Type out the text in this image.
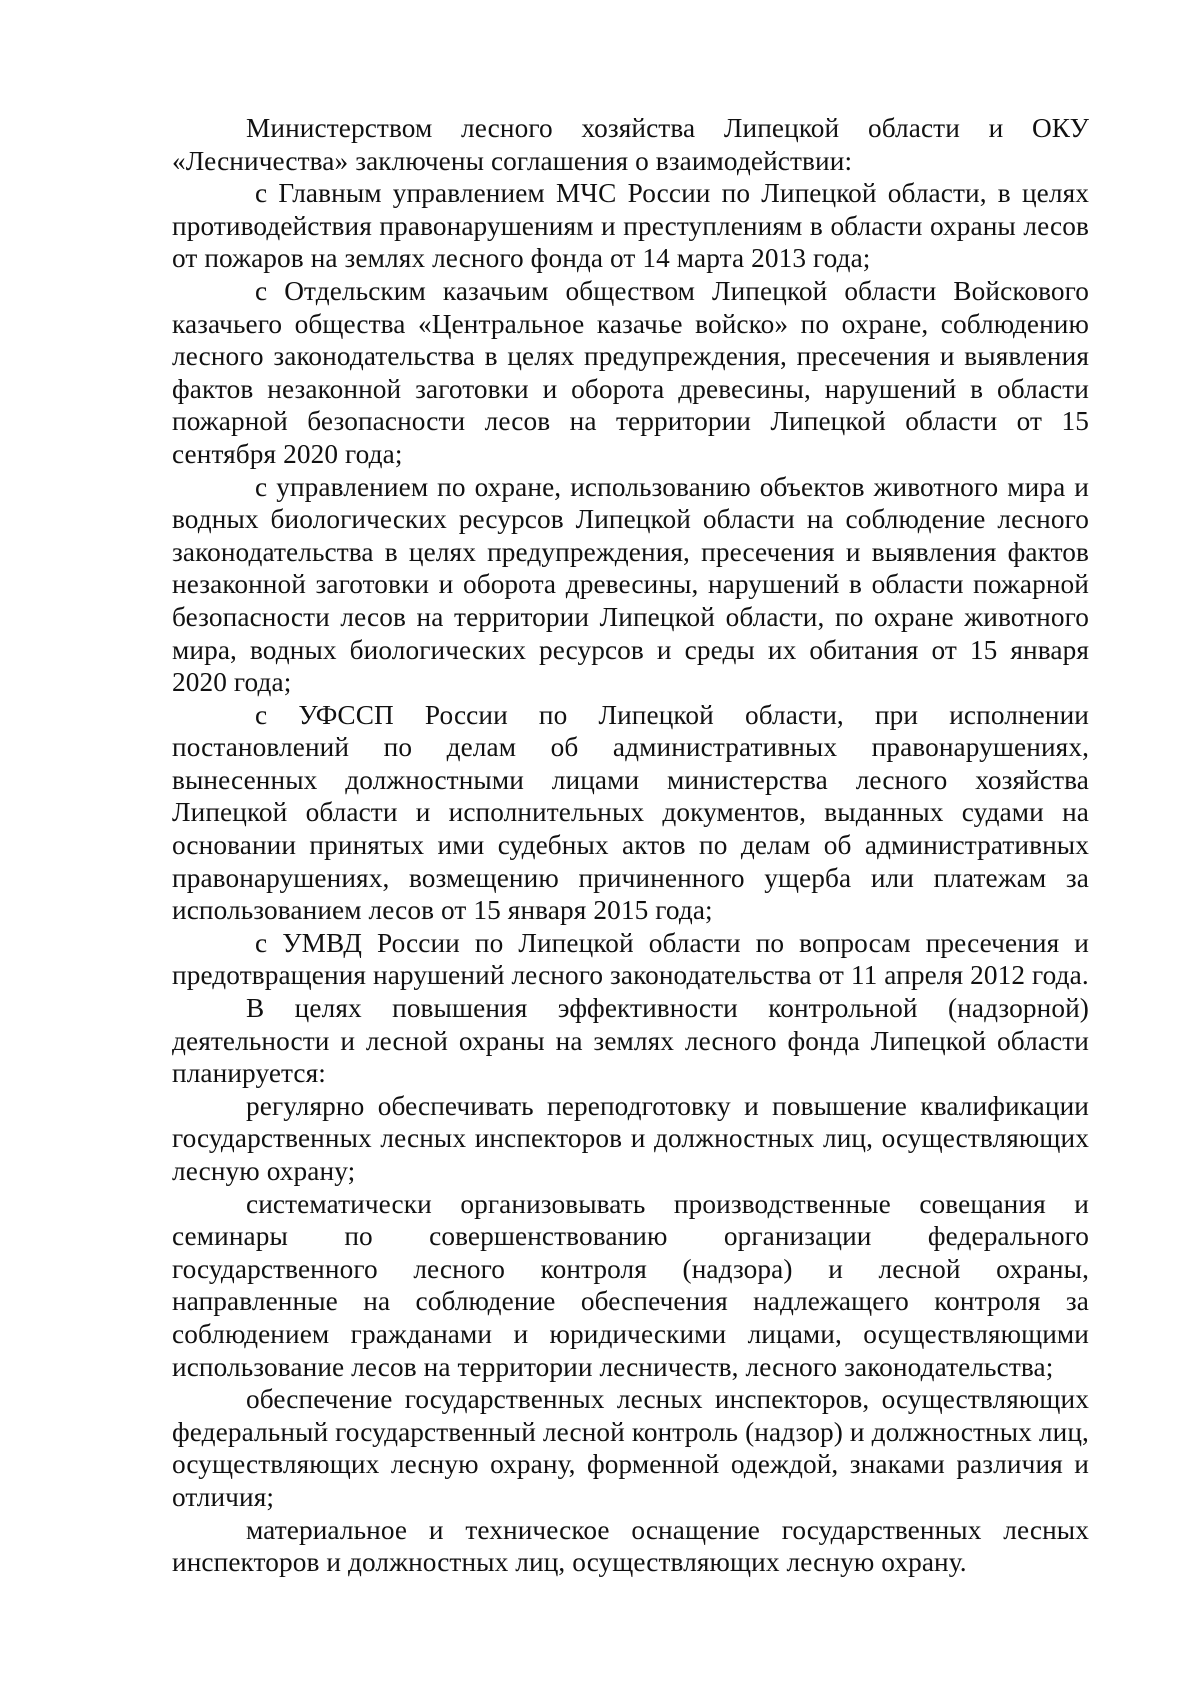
Министерством лесного хозяйства Липецкой области и ОКУ «Лесничества» заключены соглашения о взаимодействии:

с Главным управлением МЧС России по Липецкой области, в целях противодействия правонарушениям и преступлениям в области охраны лесов от пожаров на землях лесного фонда от 14 марта 2013 года;

с Отдельским казачьим обществом Липецкой области Войскового казачьего общества «Центральное казачье войско» по охране, соблюдению лесного законодательства в целях предупреждения, пресечения и выявления фактов незаконной заготовки и оборота древесины, нарушений в области пожарной безопасности лесов на территории Липецкой области от 15 сентября 2020 года;

с управлением по охране, использованию объектов животного мира и водных биологических ресурсов Липецкой области на соблюдение лесного законодательства в целях предупреждения, пресечения и выявления фактов незаконной заготовки и оборота древесины, нарушений в области пожарной безопасности лесов на территории Липецкой области, по охране животного мира, водных биологических ресурсов и среды их обитания от 15 января 2020 года;

с УФССП России по Липецкой области, при исполнении постановлений по делам об административных правонарушениях, вынесенных должностными лицами министерства лесного хозяйства Липецкой области и исполнительных документов, выданных судами на основании принятых ими судебных актов по делам об административных правонарушениях, возмещению причиненного ущерба или платежам за использованием лесов от 15 января 2015 года;

с УМВД России по Липецкой области по вопросам пресечения и предотвращения нарушений лесного законодательства от 11 апреля 2012 года.

В целях повышения эффективности контрольной (надзорной) деятельности и лесной охраны на землях лесного фонда Липецкой области планируется:

регулярно обеспечивать переподготовку и повышение квалификации государственных лесных инспекторов и должностных лиц, осуществляющих лесную охрану;

систематически организовывать производственные совещания и семинары по совершенствованию организации федерального государственного лесного контроля (надзора) и лесной охраны, направленные на соблюдение обеспечения надлежащего контроля за соблюдением гражданами и юридическими лицами, осуществляющими использование лесов на территории лесничеств, лесного законодательства;

обеспечение государственных лесных инспекторов, осуществляющих федеральный государственный лесной контроль (надзор) и должностных лиц, осуществляющих лесную охрану, форменной одеждой, знаками различия и отличия;

материальное и техническое оснащение государственных лесных инспекторов и должностных лиц, осуществляющих лесную охрану.
